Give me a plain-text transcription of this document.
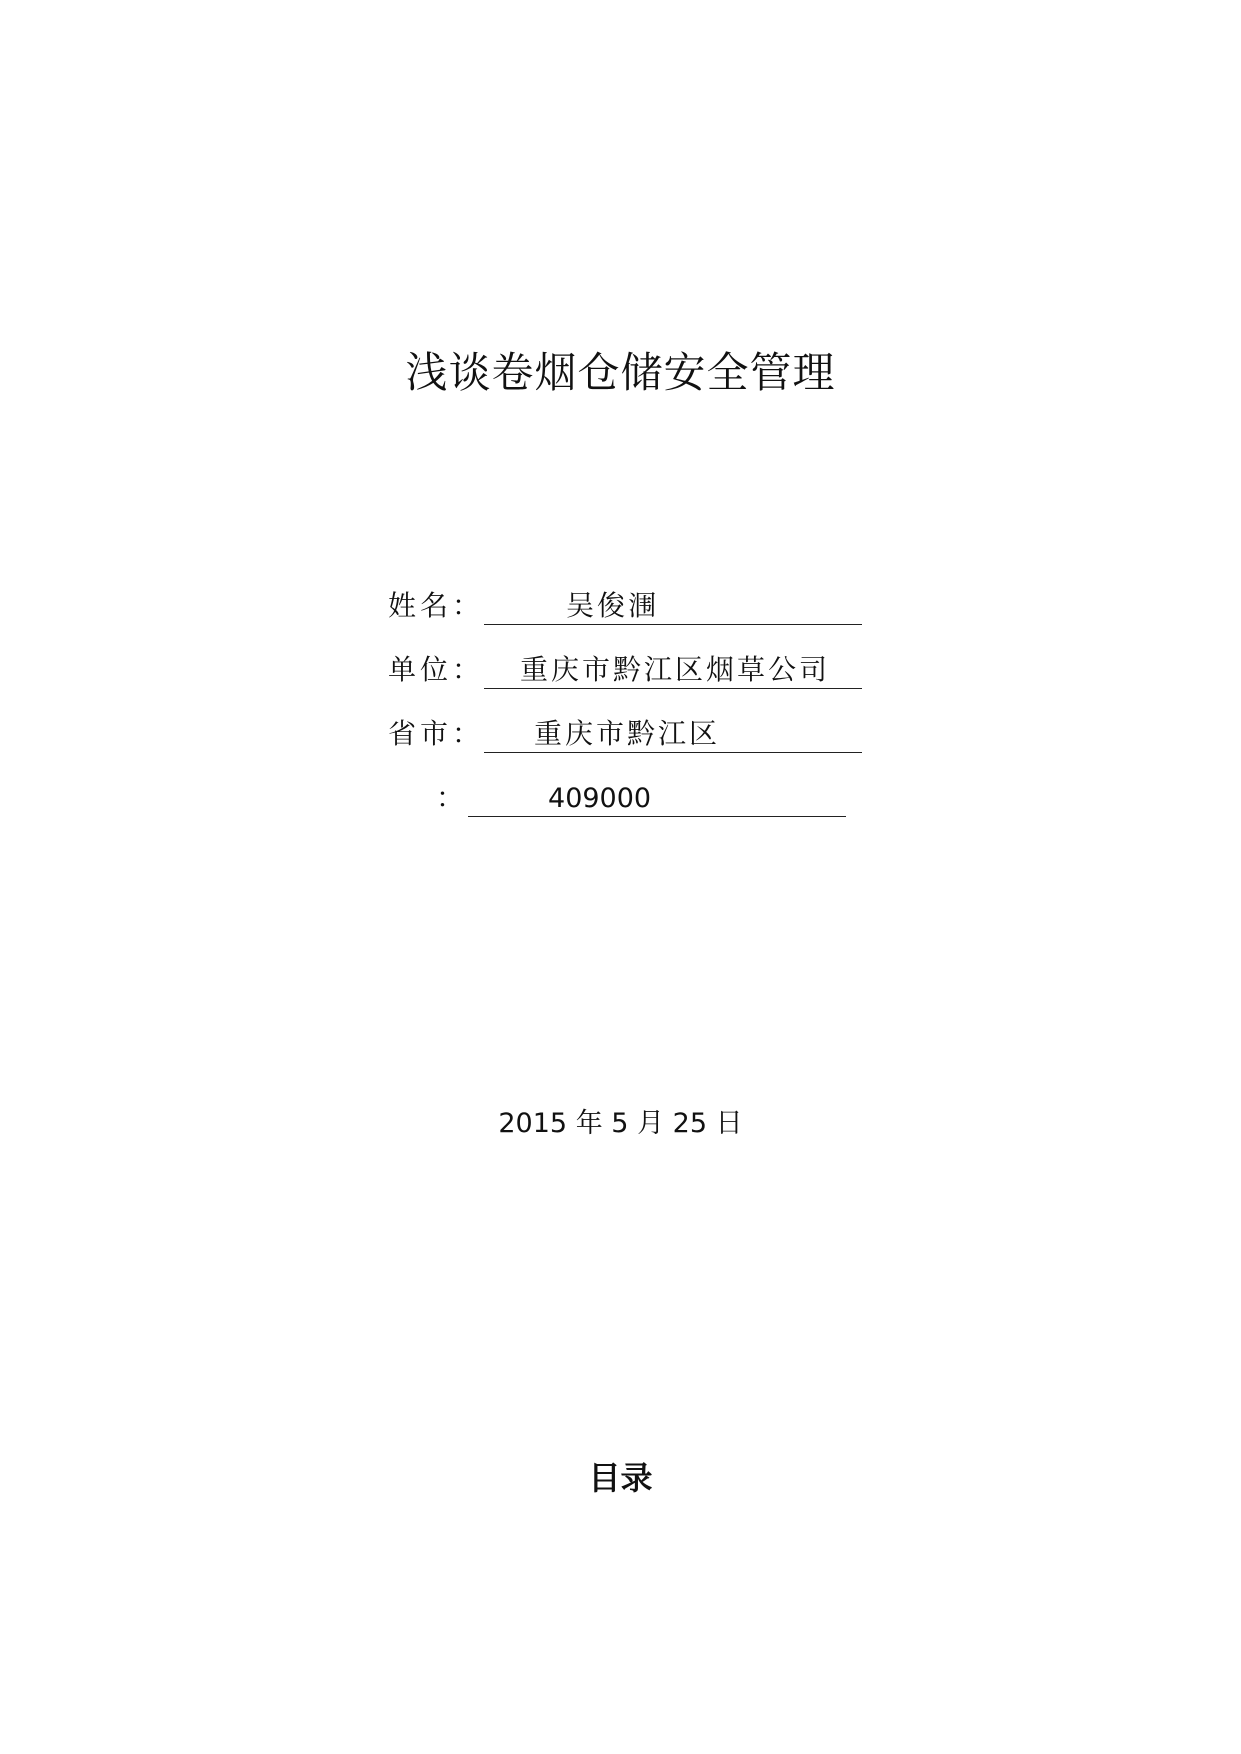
浅谈卷烟仓储安全管理
姓名：	吴俊涠
单位： 重庆市黔江区烟草公司
省市： 重庆市黔江区
：	409000
2015 年 5 月 25 日
目录
